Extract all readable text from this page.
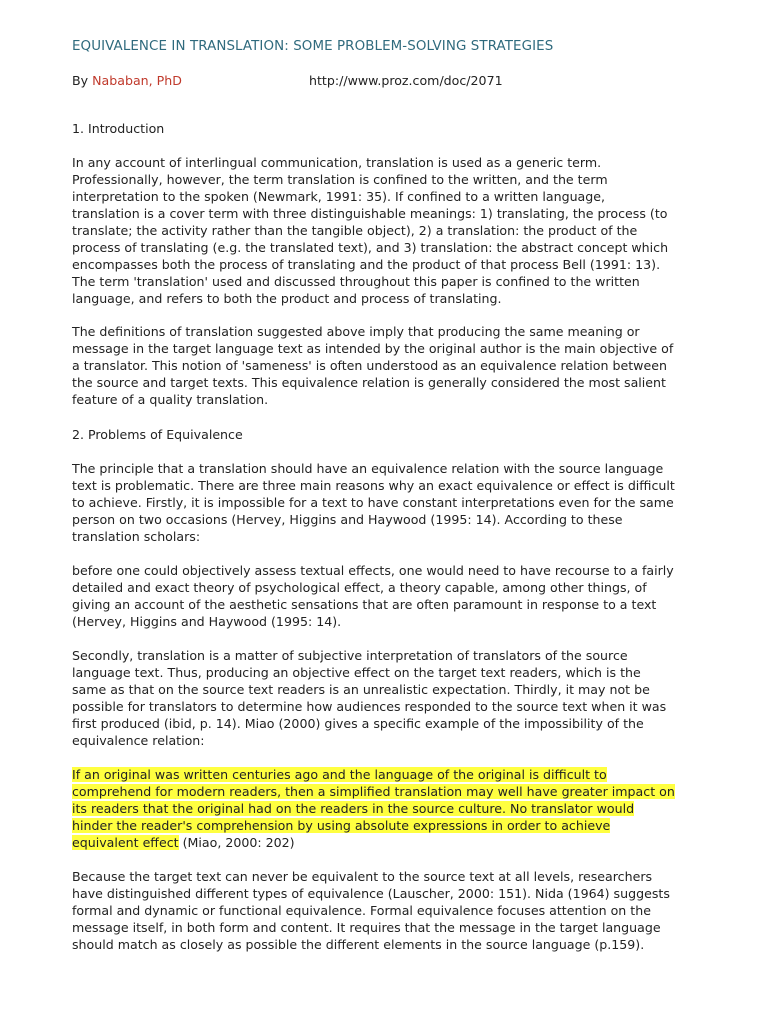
EQUIVALENCE IN TRANSLATION: SOME PROBLEM-SOLVING STRATEGIES
By Nababan, PhD	http://www.proz.com/doc/2071
1. Introduction
In any account of interlingual communication, translation is used as a generic term.
Professionally, however, the term translation is confined to the written, and the term
interpretation to the spoken (Newmark, 1991: 35). If confined to a written language,
translation is a cover term with three distinguishable meanings: 1) translating, the process (to
translate; the activity rather than the tangible object), 2) a translation: the product of the
process of translating (e.g. the translated text), and 3) translation: the abstract concept which
encompasses both the process of translating and the product of that process Bell (1991: 13).
The term 'translation' used and discussed throughout this paper is confined to the written
language, and refers to both the product and process of translating.
The definitions of translation suggested above imply that producing the same meaning or
message in the target language text as intended by the original author is the main objective of
a translator. This notion of 'sameness' is often understood as an equivalence relation between
the source and target texts. This equivalence relation is generally considered the most salient
feature of a quality translation.
2. Problems of Equivalence
The principle that a translation should have an equivalence relation with the source language
text is problematic. There are three main reasons why an exact equivalence or effect is difficult
to achieve. Firstly, it is impossible for a text to have constant interpretations even for the same
person on two occasions (Hervey, Higgins and Haywood (1995: 14). According to these
translation scholars:
before one could objectively assess textual effects, one would need to have recourse to a fairly
detailed and exact theory of psychological effect, a theory capable, among other things, of
giving an account of the aesthetic sensations that are often paramount in response to a text
(Hervey, Higgins and Haywood (1995: 14).
Secondly, translation is a matter of subjective interpretation of translators of the source
language text. Thus, producing an objective effect on the target text readers, which is the
same as that on the source text readers is an unrealistic expectation. Thirdly, it may not be
possible for translators to determine how audiences responded to the source text when it was
first produced (ibid, p. 14). Miao (2000) gives a specific example of the impossibility of the
equivalence relation:
If an original was written centuries ago and the language of the original is difficult to
comprehend for modern readers, then a simplified translation may well have greater impact on
its readers that the original had on the readers in the source culture. No translator would
hinder the reader's comprehension by using absolute expressions in order to achieve
equivalent effect (Miao, 2000: 202)
Because the target text can never be equivalent to the source text at all levels, researchers
have distinguished different types of equivalence (Lauscher, 2000: 151). Nida (1964) suggests
formal and dynamic or functional equivalence. Formal equivalence focuses attention on the
message itself, in both form and content. It requires that the message in the target language
should match as closely as possible the different elements in the source language (p.159).
